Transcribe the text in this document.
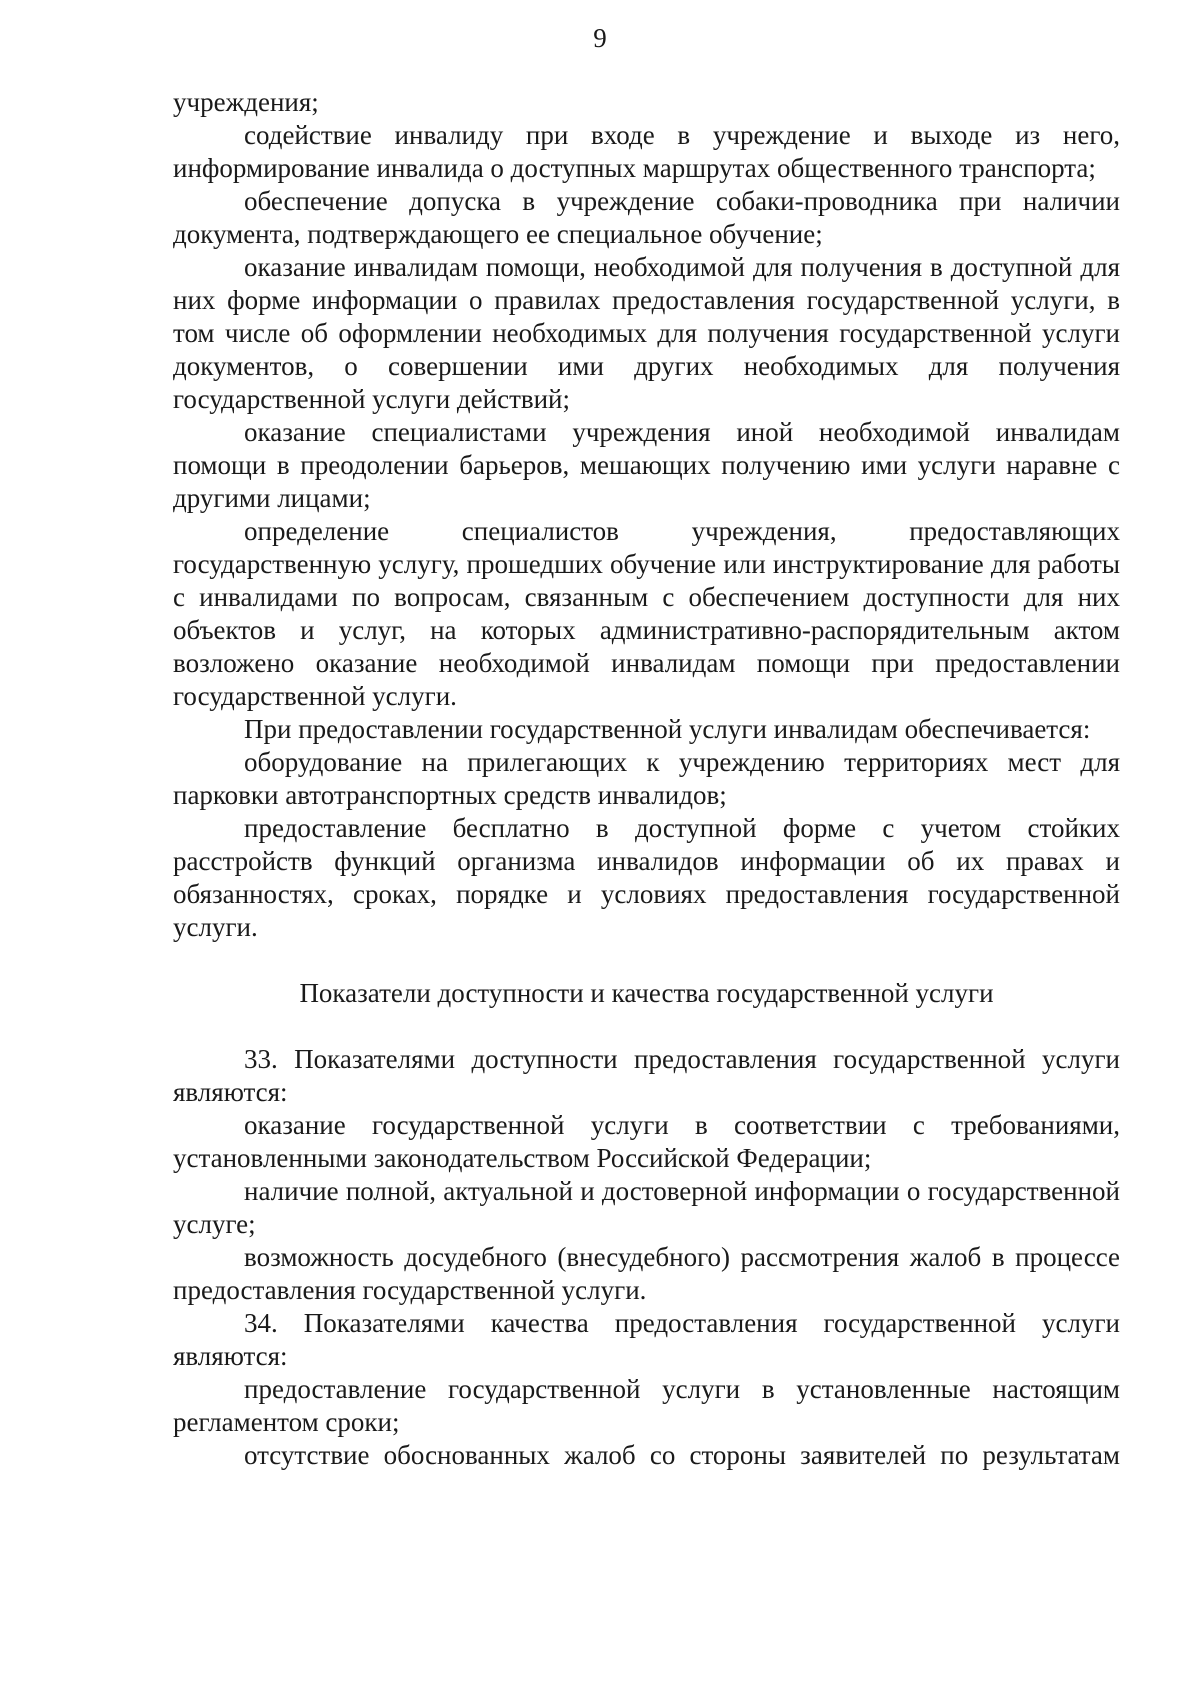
9

учреждения;

содействие инвалиду при входе в учреждение и выходе из него, информирование инвалида о доступных маршрутах общественного транспорта;

обеспечение допуска в учреждение собаки-проводника при наличии документа, подтверждающего ее специальное обучение;

оказание инвалидам помощи, необходимой для получения в доступной для них форме информации о правилах предоставления государственной услуги, в том числе об оформлении необходимых для получения государственной услуги документов, о совершении ими других необходимых для получения государственной услуги действий;

оказание специалистами учреждения иной необходимой инвалидам помощи в преодолении барьеров, мешающих получению ими услуги наравне с другими лицами;

определение специалистов учреждения, предоставляющих государственную услугу, прошедших обучение или инструктирование для работы с инвалидами по вопросам, связанным с обеспечением доступности для них объектов и услуг, на которых административно-распорядительным актом возложено оказание необходимой инвалидам помощи при предоставлении государственной услуги.

При предоставлении государственной услуги инвалидам обеспечивается:

оборудование на прилегающих к учреждению территориях мест для парковки автотранспортных средств инвалидов;

предоставление бесплатно в доступной форме с учетом стойких расстройств функций организма инвалидов информации об их правах и обязанностях, сроках, порядке и условиях предоставления государственной услуги.

Показатели доступности и качества государственной услуги

33. Показателями доступности предоставления государственной услуги являются:

оказание государственной услуги в соответствии с требованиями, установленными законодательством Российской Федерации;

наличие полной, актуальной и достоверной информации о государственной услуге;

возможность досудебного (внесудебного) рассмотрения жалоб в процессе предоставления государственной услуги.

34. Показателями качества предоставления государственной услуги являются:

предоставление государственной услуги в установленные настоящим регламентом сроки;

отсутствие обоснованных жалоб со стороны заявителей по результатам
